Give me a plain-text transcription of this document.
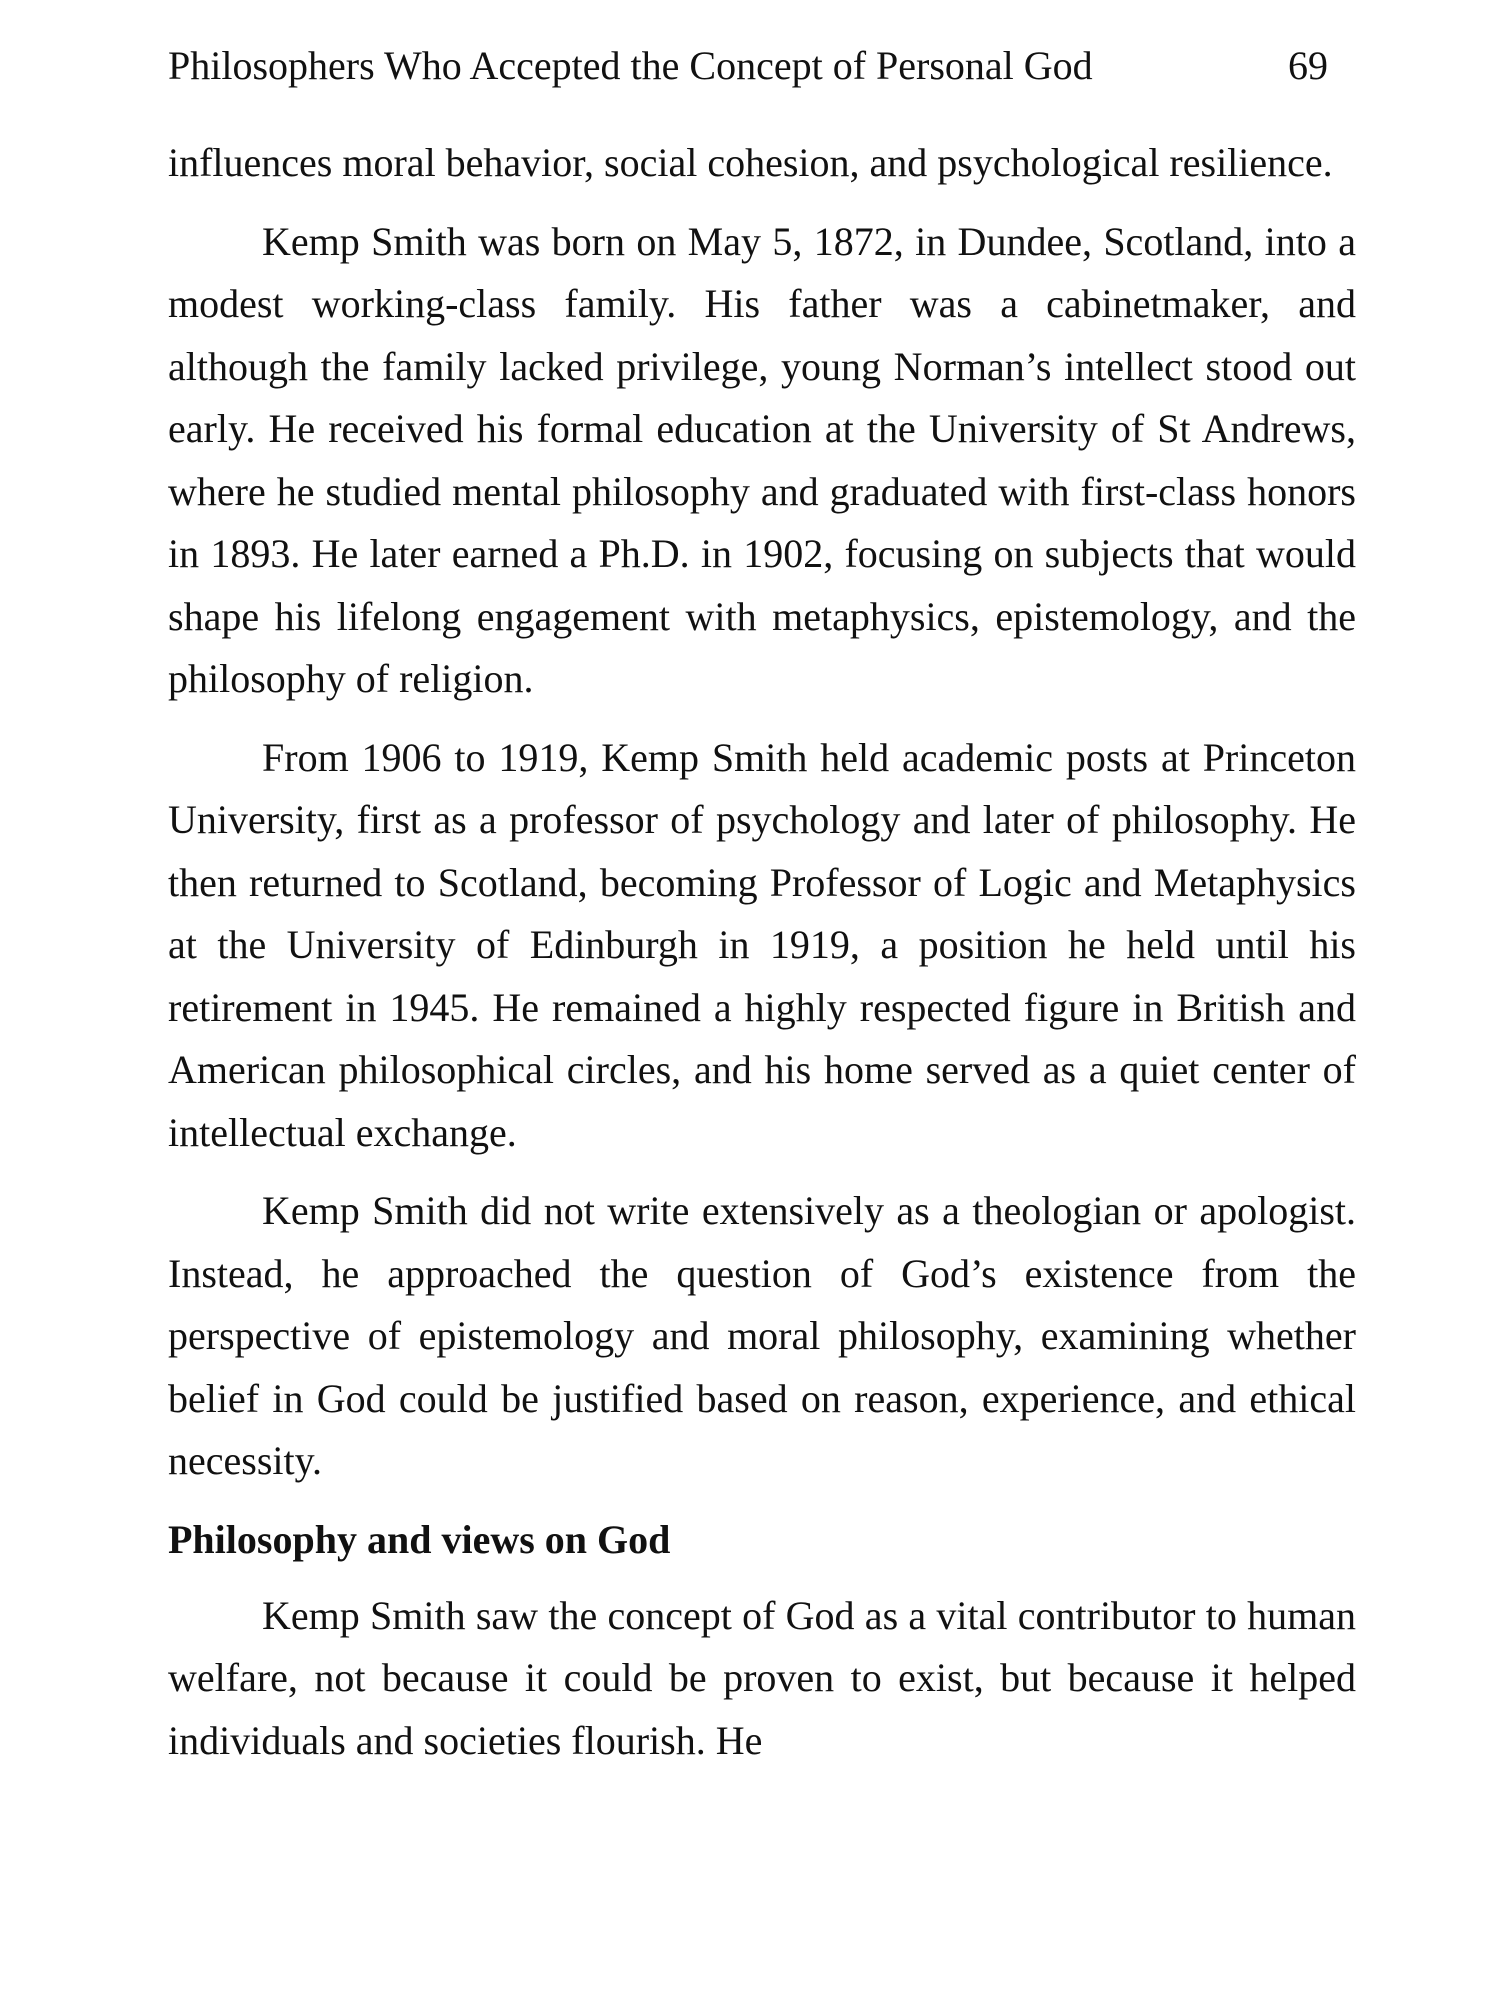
Philosophers Who Accepted the Concept of Personal God	69

influences moral behavior, social cohesion, and psychological resilience.

Kemp Smith was born on May 5, 1872, in Dundee, Scotland, into a modest working-class family. His father was a cabinetmaker, and although the family lacked privilege, young Norman’s intellect stood out early. He received his formal education at the University of St Andrews, where he studied mental philosophy and graduated with first-class honors in 1893. He later earned a Ph.D. in 1902, focusing on subjects that would shape his lifelong engagement with metaphysics, epistemology, and the philosophy of religion.

From 1906 to 1919, Kemp Smith held academic posts at Princeton University, first as a professor of psychology and later of philosophy. He then returned to Scotland, becoming Professor of Logic and Metaphysics at the University of Edinburgh in 1919, a position he held until his retirement in 1945. He remained a highly respected figure in British and American philosophical circles, and his home served as a quiet center of intellectual exchange.

Kemp Smith did not write extensively as a theologian or apologist. Instead, he approached the question of God’s existence from the perspective of epistemology and moral philosophy, examining whether belief in God could be justified based on reason, experience, and ethical necessity.

Philosophy and views on God

Kemp Smith saw the concept of God as a vital contributor to human welfare, not because it could be proven to exist, but because it helped individuals and societies flourish. He
